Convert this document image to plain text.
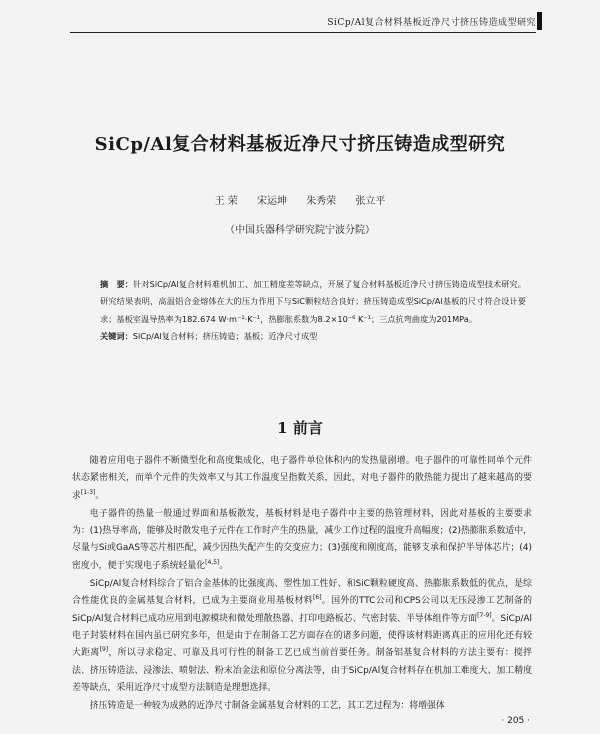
SiCp/Al复合材料基板近净尺寸挤压铸造成型研究
SiCp/Al复合材料基板近净尺寸挤压铸造成型研究
王 荣 宋运坤 朱秀荣 张立平
（中国兵器科学研究院宁波分院）

摘　要：针对SiCp/Al复合材料难机加工、加工精度差等缺点，开展了复合材料基板近净尺寸挤压铸造成型技术研究。研究结果表明，高温铝合金熔体在大的压力作用下与SiC颗粒结合良好；挤压铸造成型SiCp/Al基板的尺寸符合设计要求；基板室温导热率为182.674 W·m⁻¹·K⁻¹，热膨胀系数为8.2×10⁻⁶ K⁻¹；三点抗弯曲度为201MPa。

关键词：SiCp/Al复合材料；挤压铸造；基板；近净尺寸成型

1 前言

随着应用电子器件不断微型化和高度集成化，电子器件单位体积内的发热量剧增。电子器件的可靠性同单个元件状态紧密相关，而单个元件的失效率又与其工作温度呈指数关系，因此，对电子器件的散热能力提出了越来越高的要求[1-3]。

电子器件的热量一般通过界面和基板散发，基板材料是电子器件中主要的热管理材料，因此对基板的主要要求为：(1)热导率高，能够及时散发电子元件在工作时产生的热量，减少工作过程的温度升高幅度；(2)热膨胀系数适中，尽量与Si或GaAS等芯片相匹配，减少因热失配产生的交变应力；(3)强度和刚度高，能够支承和保护半导体芯片；(4)密度小，便于实现电子系统轻量化[4,5]。

SiCp/Al复合材料综合了铝合金基体的比强度高、塑性加工性好、和SiC颗粒硬度高、热膨胀系数低的优点，是综合性能优良的金属基复合材料，已成为主要商业用基板材料[6]。国外的TTC公司和CPS公司以无压浸渗工艺制备的SiCp/Al复合材料已成功应用到电源模块和微处理散热器、打印电路板芯、气密封装、半导体组件等方面[7-9]。SiCp/Al电子封装材料在国内虽已研究多年，但是由于在制备工艺方面存在的诸多问题，使得该材料距离真正的应用化还有较大距离[9]，所以寻求稳定、可靠及具可行性的制备工艺已成当前首要任务。制备铝基复合材料的方法主要有：搅拌法、挤压铸造法、浸渗法、喷射法、粉末冶金法和原位分离法等，由于SiCp/Al复合材料存在机加工难度大、加工精度差等缺点，采用近净尺寸成型方法制造是理想选择。

挤压铸造是一种较为成熟的近净尺寸制备金属基复合材料的工艺，其工艺过程为：将增强体

· 205 ·
